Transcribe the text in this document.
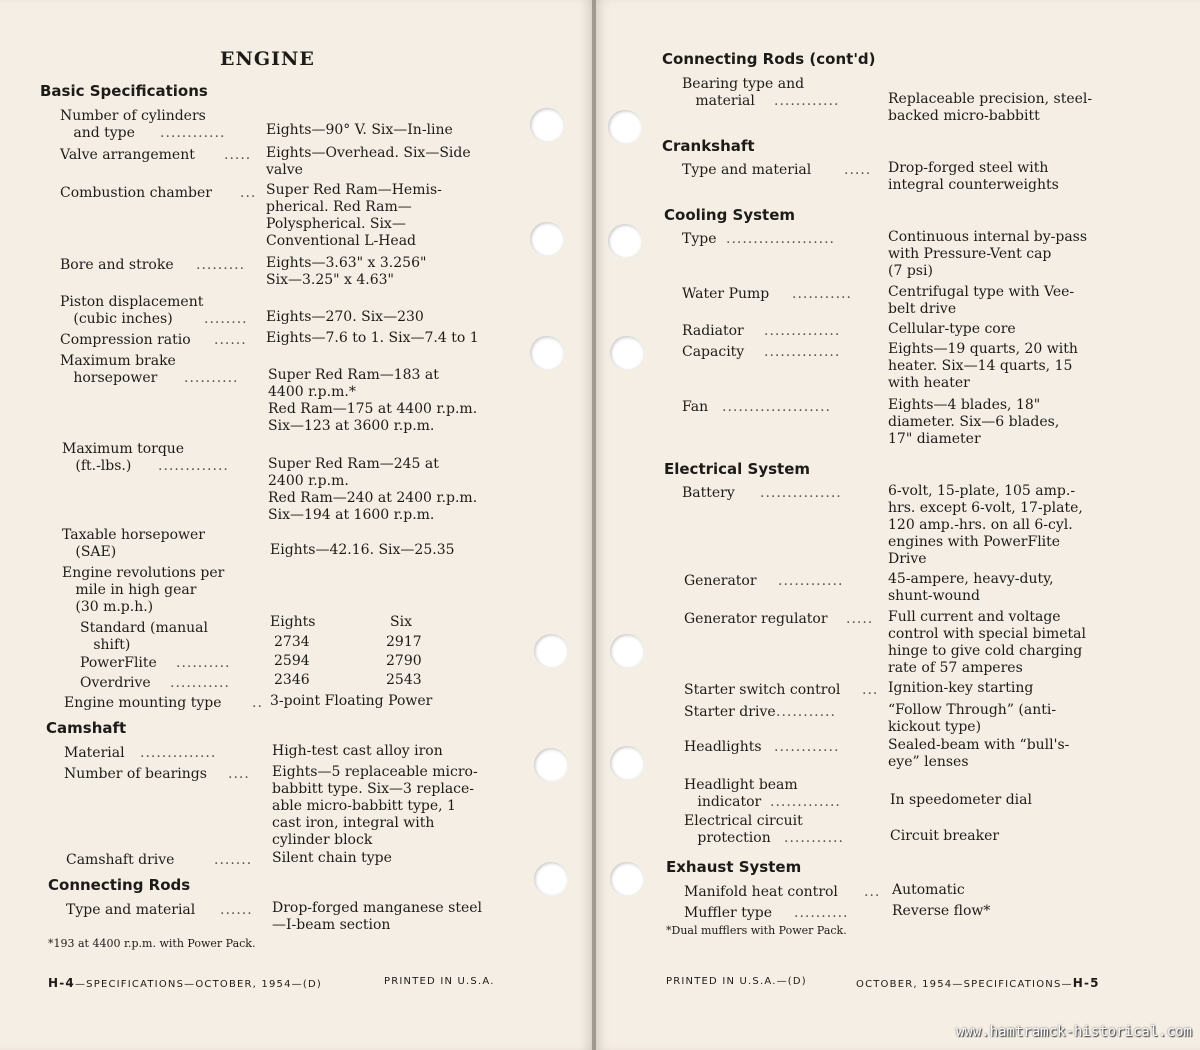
ENGINE
Basic Specifications
Number of cylinders
and type	............	Eights—90° V. Six—In-line
Valve arrangement ..... Eights—Overhead. Six—Side
valve
Combustion chamber ... Super Red Ram—Hemis-
pherical. Red Ram—
Polyspherical. Six—
Conventional L-Head
Bore and stroke ......... Eights—3.63" x 3.256"
Six—3.25" x 4.63"
Piston displacement
(cubic inches)	........ Eights—270. Six—230
Compression ratio ...... Eights—7.6 to 1. Six—7.4 to 1
Maximum brake
horsepower	.......... Super Red Ram—183 at
4400 r.p.m.*
Red Ram—175 at 4400 r.p.m.
Six—123 at 3600 r.p.m.
Maximum torque
(ft.-lbs.)	.............	Super Red Ram—245 at
2400 r.p.m.
Red Ram—240 at 2400 r.p.m.
Six—194 at 1600 r.p.m.
Taxable horsepower
(SAE)	Eights—42.16. Six—25.35
Engine revolutions per
mile in high gear
(30 m.p.h.)
Eights	Six
Standard (manual
shift)	2734	2917
PowerFlite ..........	2594	2790
Overdrive ...........	2346	2543
Engine mounting type .. 3-point Floating Power
Camshaft
Material ..............	High-test cast alloy iron
Number of bearings .... Eights—5 replaceable micro-
babbitt type. Six—3 replace-
able micro-babbitt type, 1
cast iron, integral with
cylinder block
Camshaft drive	....... Silent chain type
Connecting Rods
Type and material ...... Drop-forged manganese steel
—I-beam section
*193 at 4400 r.p.m. with Power Pack.
H-4—SPECIFICATIONS—OCTOBER, 1954—(D)	PRINTED IN U.S.A.
Connecting Rods (cont'd)
Bearing type and
material	............	Replaceable precision, steel-
backed micro-babbitt
Crankshaft
Type and material ..... Drop-forged steel with
integral counterweights
Cooling System
Type ....................	Continuous internal by-pass
with Pressure-Vent cap
(7 psi)
Water Pump ...........	Centrifugal type with Vee-
belt drive
Radiator ..............	Cellular-type core
Capacity ..............	Eights—19 quarts, 20 with
heater. Six—14 quarts, 15
with heater
Fan ....................	Eights—4 blades, 18"
diameter. Six—6 blades,
17" diameter
Electrical System
Battery ...............	6-volt, 15-plate, 105 amp.-
hrs. except 6-volt, 17-plate,
120 amp.-hrs. on all 6-cyl.
engines with PowerFlite
Drive
Generator ............	45-ampere, heavy-duty,
shunt-wound
Generator regulator ..... Full current and voltage
control with special bimetal
hinge to give cold charging
rate of 57 amperes
Starter switch control ... Ignition-key starting
Starter drive ...........	“Follow Through” (anti-
kickout type)
Headlights ............	Sealed-beam with “bull's-
eye” lenses
Headlight beam
indicator .............	In speedometer dial
Electrical circuit
protection ...........	Circuit breaker
Exhaust System
Manifold heat control ... Automatic
Muffler type ..........	Reverse flow*
*Dual mufflers with Power Pack.
PRINTED IN U.S.A.—(D)	OCTOBER, 1954—SPECIFICATIONS—H-5
www.hamtramck-historical.com
